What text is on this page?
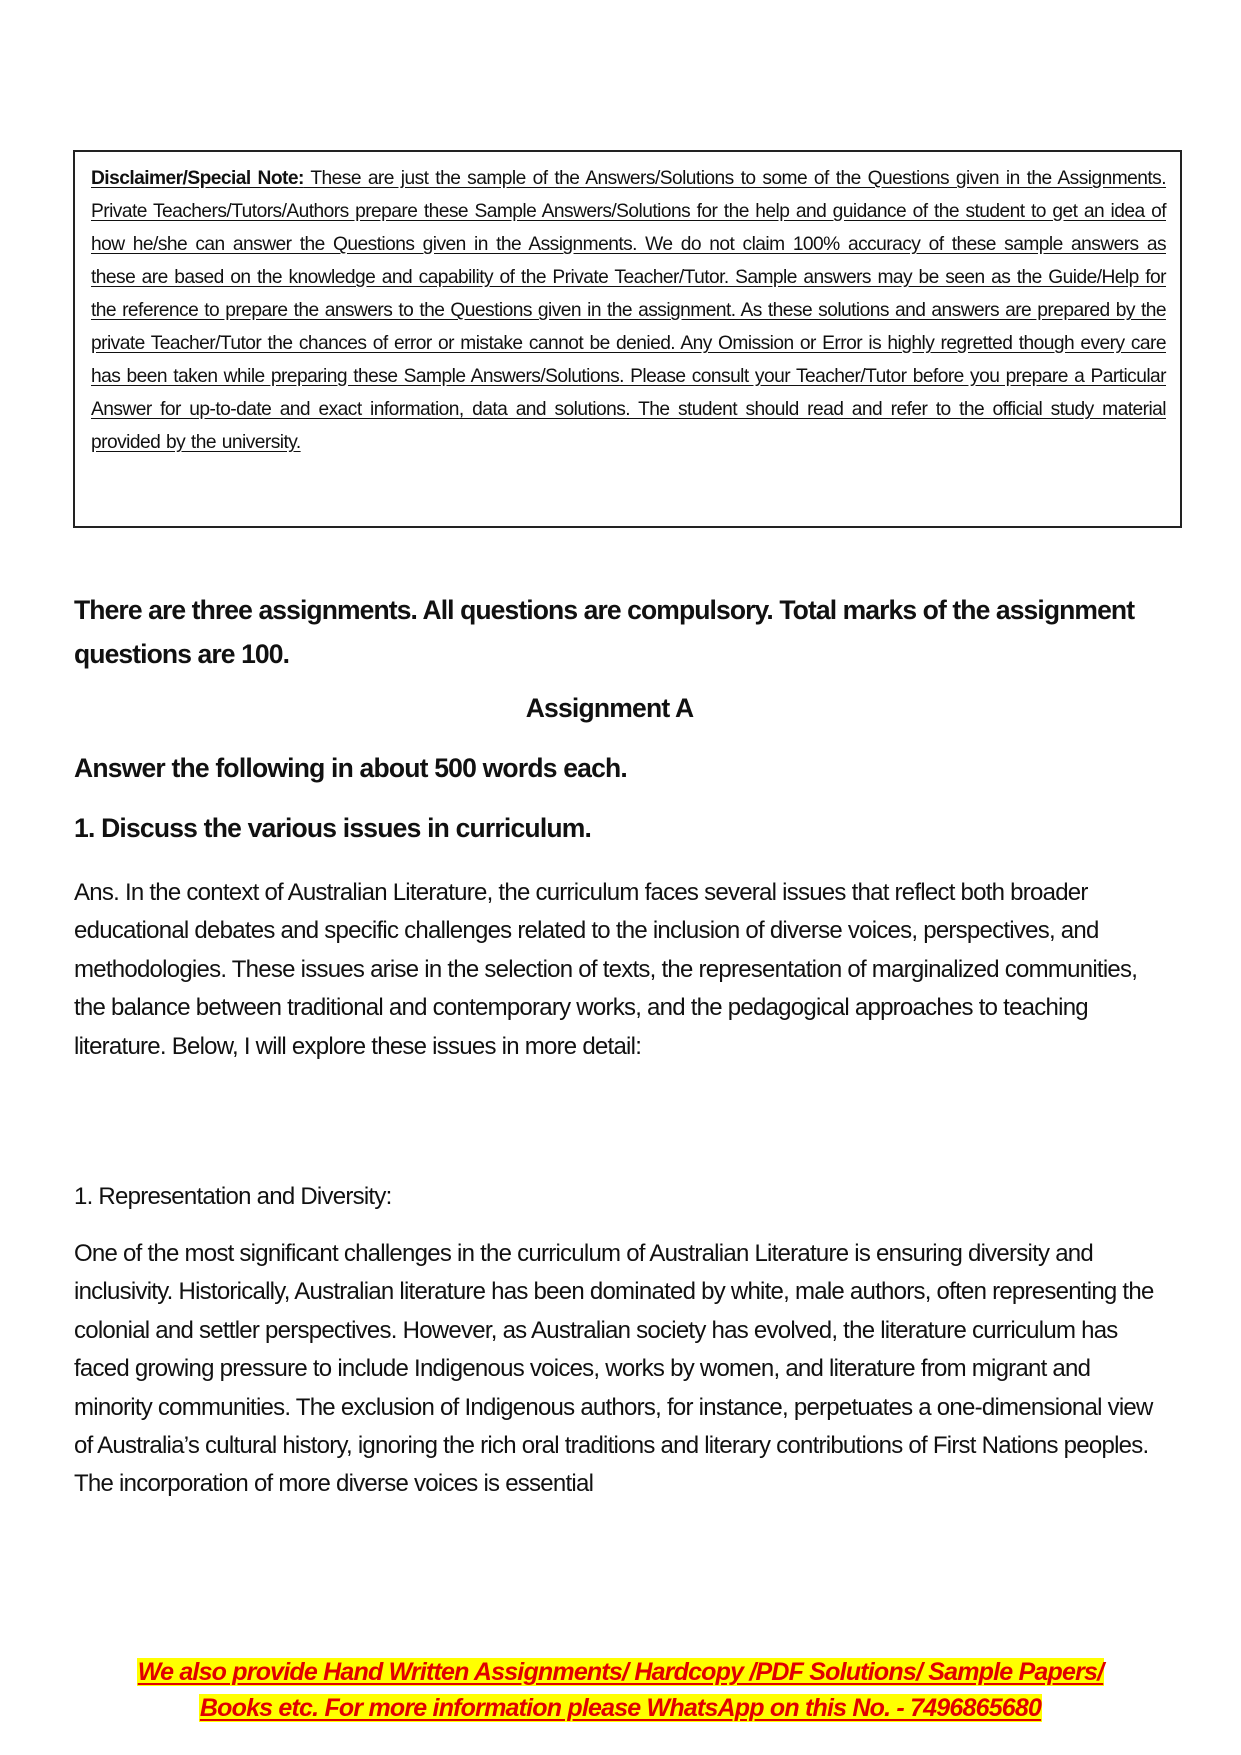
Disclaimer/Special Note: These are just the sample of the Answers/Solutions to some of the Questions given in the Assignments. Private Teachers/Tutors/Authors prepare these Sample Answers/Solutions for the help and guidance of the student to get an idea of how he/she can answer the Questions given in the Assignments. We do not claim 100% accuracy of these sample answers as these are based on the knowledge and capability of the Private Teacher/Tutor. Sample answers may be seen as the Guide/Help for the reference to prepare the answers to the Questions given in the assignment. As these solutions and answers are prepared by the private Teacher/Tutor the chances of error or mistake cannot be denied. Any Omission or Error is highly regretted though every care has been taken while preparing these Sample Answers/Solutions. Please consult your Teacher/Tutor before you prepare a Particular Answer for up-to-date and exact information, data and solutions. The student should read and refer to the official study material provided by the university.

There are three assignments. All questions are compulsory. Total marks of the assignment questions are 100.

Assignment A

Answer the following in about 500 words each.

1. Discuss the various issues in curriculum.

Ans. In the context of Australian Literature, the curriculum faces several issues that reflect both broader educational debates and specific challenges related to the inclusion of diverse voices, perspectives, and methodologies. These issues arise in the selection of texts, the representation of marginalized communities, the balance between traditional and contemporary works, and the pedagogical approaches to teaching literature. Below, I will explore these issues in more detail:

1. Representation and Diversity:

One of the most significant challenges in the curriculum of Australian Literature is ensuring diversity and inclusivity. Historically, Australian literature has been dominated by white, male authors, often representing the colonial and settler perspectives. However, as Australian society has evolved, the literature curriculum has faced growing pressure to include Indigenous voices, works by women, and literature from migrant and minority communities. The exclusion of Indigenous authors, for instance, perpetuates a one-dimensional view of Australia’s cultural history, ignoring the rich oral traditions and literary contributions of First Nations peoples. The incorporation of more diverse voices is essential

We also provide Hand Written Assignments/ Hardcopy /PDF Solutions/ Sample Papers/
Books etc. For more information please WhatsApp on this No. - 7496865680
